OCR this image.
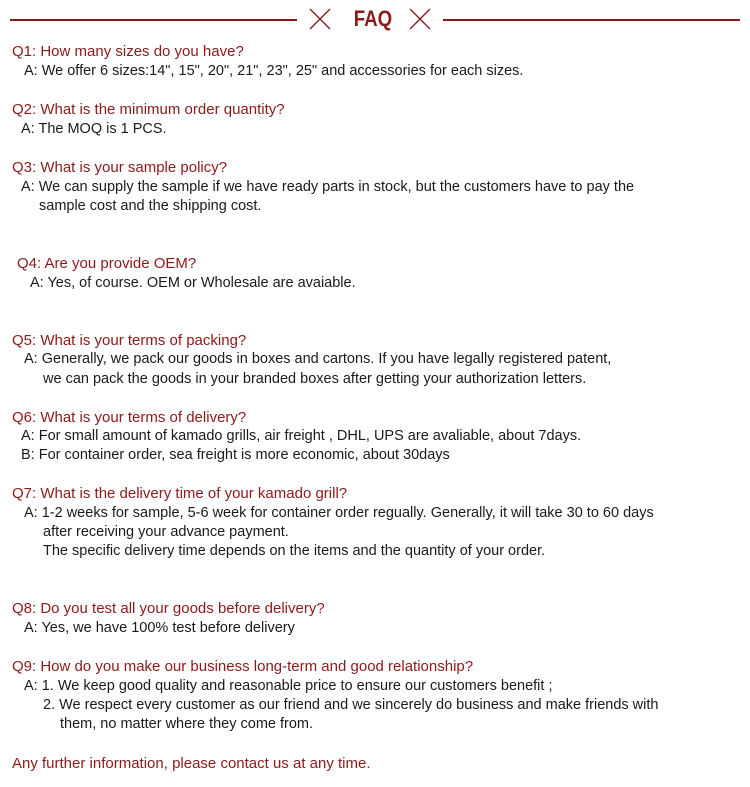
FAQ
Q1: How many sizes do you have?
A: We offer 6 sizes:14", 15", 20", 21", 23", 25" and accessories for each sizes.
Q2: What is the minimum order quantity?
A: The MOQ is 1 PCS.
Q3: What is your sample policy?
A: We can supply the sample if we have ready parts in stock, but the customers have to pay the
sample cost and the shipping cost.
Q4: Are you provide OEM?
A: Yes, of course. OEM or Wholesale are avaiable.
Q5: What is your terms of packing?
A: Generally, we pack our goods in boxes and cartons. If you have legally registered patent,
we can pack the goods in your branded boxes after getting your authorization letters.
Q6: What is your terms of delivery?
A: For small amount of kamado grills, air freight , DHL, UPS are avaliable, about 7days.
B: For container order, sea freight is more economic, about 30days
Q7: What is the delivery time of your kamado grill?
A: 1-2 weeks for sample, 5-6 week for container order regually. Generally, it will take 30 to 60 days
after receiving your advance payment.
The specific delivery time depends on the items and the quantity of your order.
Q8: Do you test all your goods before delivery?
A: Yes, we have 100% test before delivery
Q9: How do you make our business long-term and good relationship?
A: 1. We keep good quality and reasonable price to ensure our customers benefit ;
2. We respect every customer as our friend and we sincerely do business and make friends with
them, no matter where they come from.
Any further information, please contact us at any time.
